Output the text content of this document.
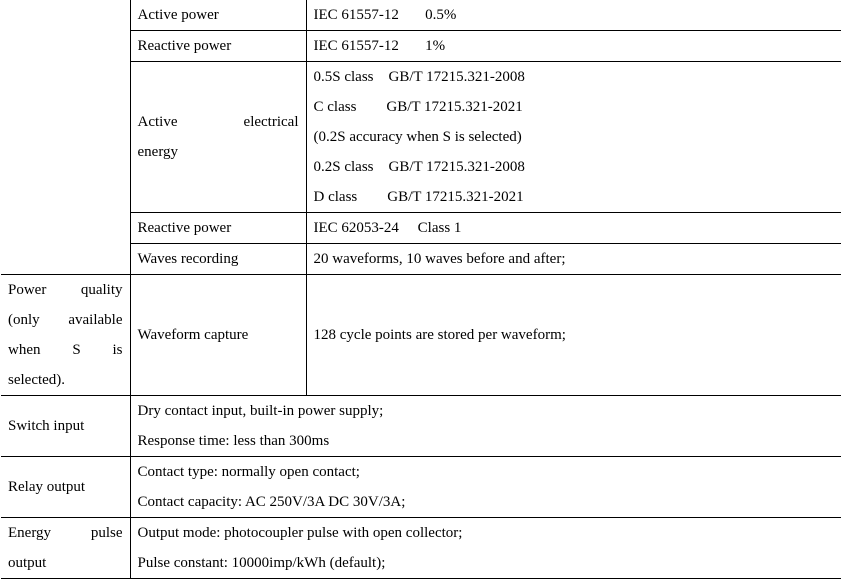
	Active power	IEC 61557-12       0.5%

	Reactive power	IEC 61557-12       1%

	Active electrical
energy	0.5S class    GB/T 17215.321-2008
C class        GB/T 17215.321-2021
(0.2S accuracy when S is selected)
0.2S class    GB/T 17215.321-2008
D class        GB/T 17215.321-2021

	Reactive power	IEC 62053-24     Class 1

	Waves recording	20 waveforms, 10 waves before and after;

Power quality
(only available
when S is
selected).	Waveform capture	128 cycle points are stored per waveform;

Switch input	Dry contact input, built-in power supply;
Response time: less than 300ms	

Relay output	Contact type: normally open contact;
Contact capacity: AC 250V/3A DC 30V/3A;	

Energy pulse
output	Output mode: photocoupler pulse with open collector;
Pulse constant: 10000imp/kWh (default);	
